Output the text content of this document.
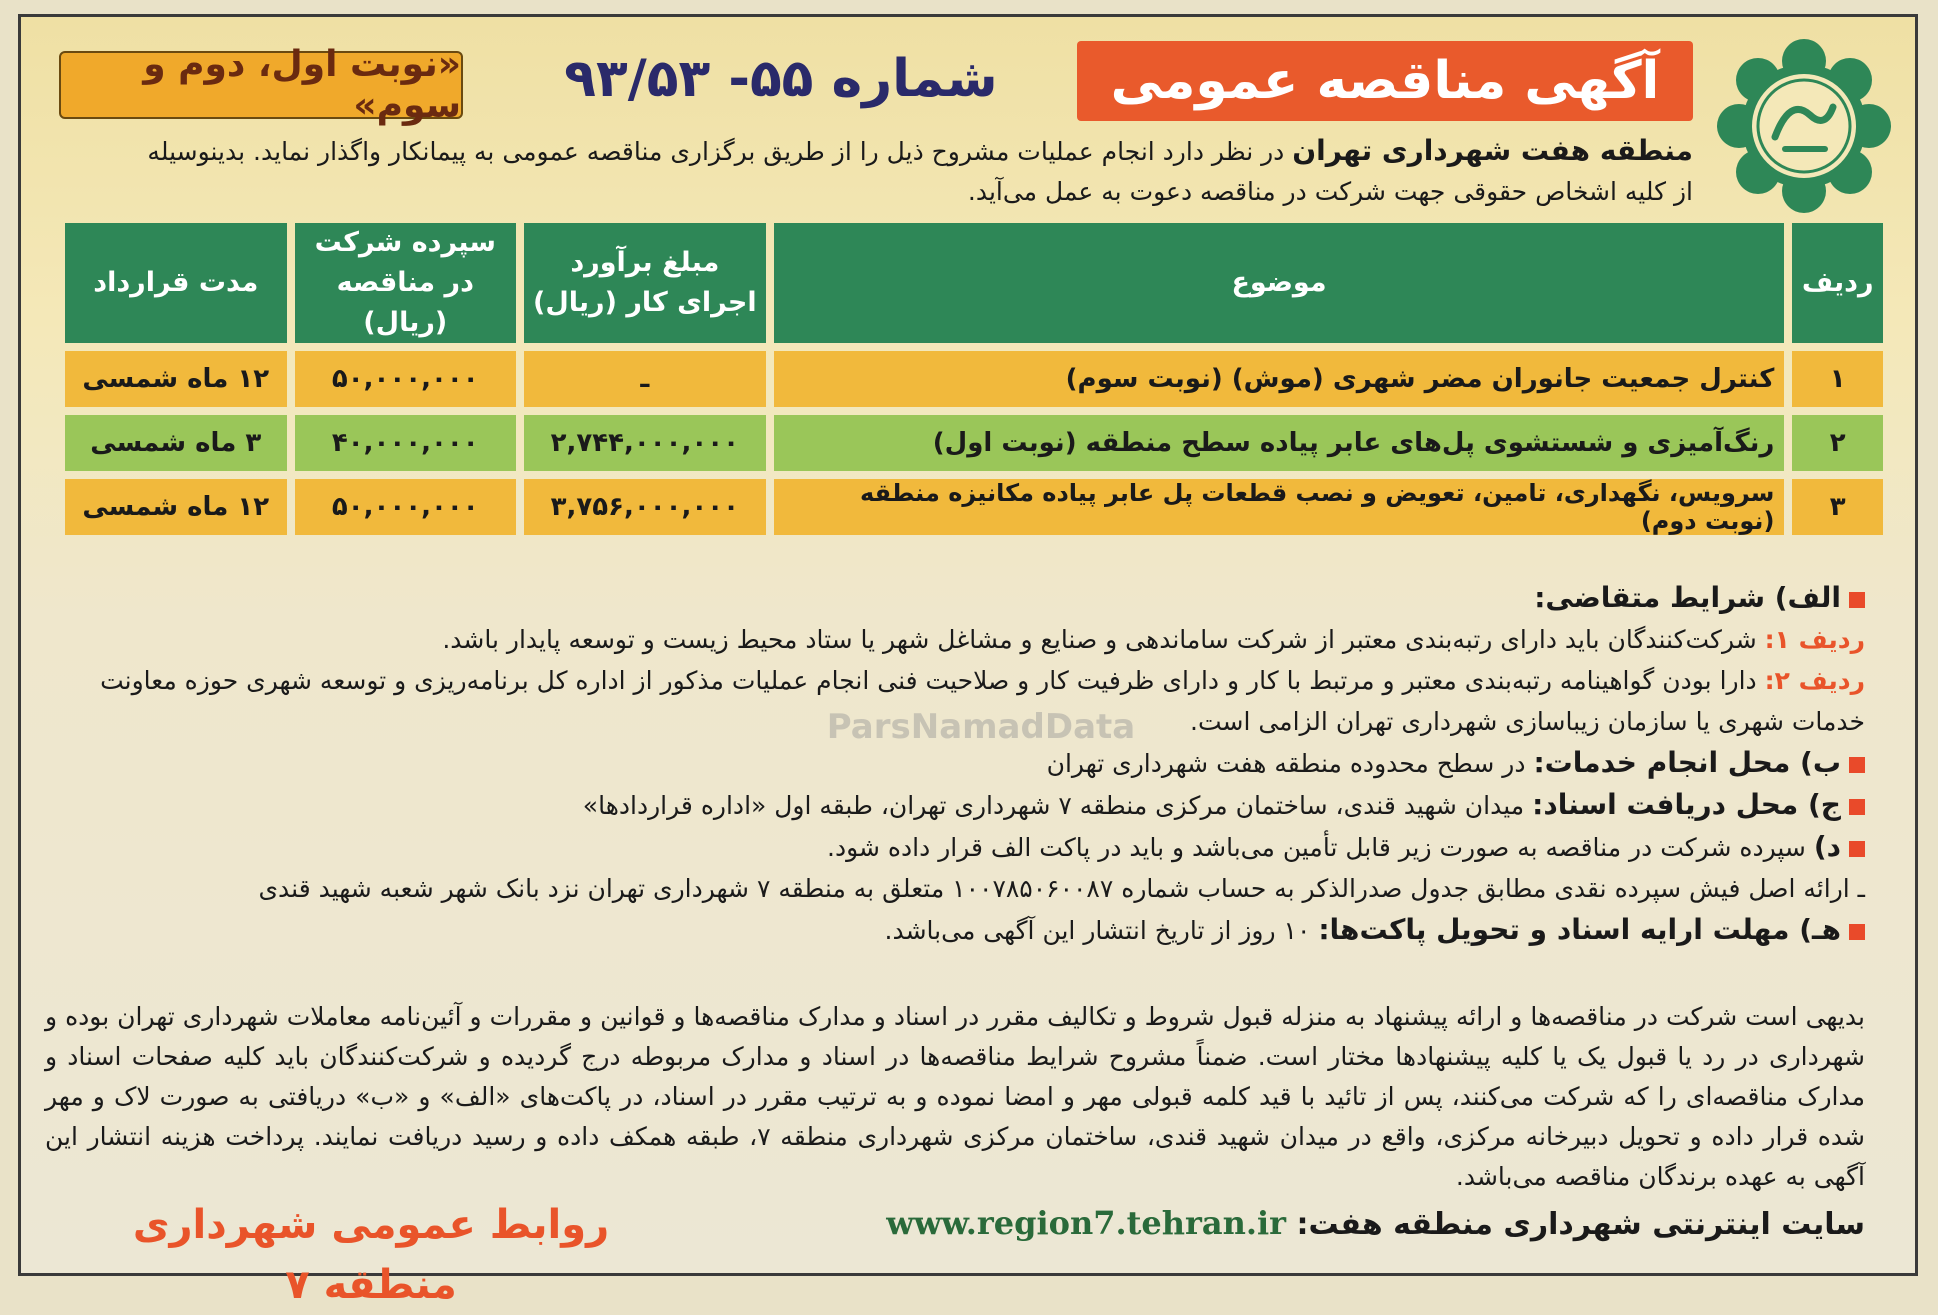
آگهی مناقصه عمومی
شماره ۵۵- ۹۳/۵۳
«نوبت اول، دوم و سوم»
منطقه هفت شهرداری تهران در نظر دارد انجام عملیات مشروح ذیل را از طریق برگزاری مناقصه عمومی به پیمانکار واگذار نماید. بدینوسیله
از کلیه اشخاص حقوقی جهت شرکت در مناقصه دعوت به عمل می‌آید.
ردیف	موضوع	مبلغ برآورد اجرای کار (ریال)	سپرده شرکت در مناقصه (ریال)	مدت قرارداد
۱	کنترل جمعیت جانوران مضر شهری (موش) (نوبت سوم)	ـ	۵۰,۰۰۰,۰۰۰	۱۲ ماه شمسی
۲	رنگ‌آمیزی و شستشوی پل‌های عابر پیاده سطح منطقه (نوبت اول)	۲,۷۴۴,۰۰۰,۰۰۰	۴۰,۰۰۰,۰۰۰	۳ ماه شمسی
۳	سرویس، نگهداری، تامین، تعویض و نصب قطعات پل عابر پیاده مکانیزه منطقه (نوبت دوم)	۳,۷۵۶,۰۰۰,۰۰۰	۵۰,۰۰۰,۰۰۰	۱۲ ماه شمسی
ParsNamadData

الف) شرایط متقاضی:

ردیف ۱: شرکت‌کنندگان باید دارای رتبه‌بندی معتبر از شرکت ساماندهی و صنایع و مشاغل شهر یا ستاد محیط زیست و توسعه پایدار باشد.

ردیف ۲: دارا بودن گواهینامه رتبه‌بندی معتبر و مرتبط با کار و دارای ظرفیت کار و صلاحیت فنی انجام عملیات مذکور از اداره کل برنامه‌ریزی و توسعه شهری حوزه معاونت خدمات شهری یا سازمان زیباسازی شهرداری تهران الزامی است.

ب) محل انجام خدمات: در سطح محدوده منطقه هفت شهرداری تهران

ج) محل دریافت اسناد: میدان شهید قندی، ساختمان مرکزی منطقه ۷ شهرداری تهران، طبقه اول «اداره قراردادها»

د) سپرده شرکت در مناقصه به صورت زیر قابل تأمین می‌باشد و باید در پاکت الف قرار داده شود.

ـ ارائه اصل فیش سپرده نقدی مطابق جدول صدرالذکر به حساب شماره ۱۰۰۷۸۵۰۶۰۰۸۷ متعلق به منطقه ۷ شهرداری تهران نزد بانک شهر شعبه شهید قندی

هـ) مهلت ارایه اسناد و تحویل پاکت‌ها: ۱۰ روز از تاریخ انتشار این آگهی می‌باشد.

بدیهی است شرکت در مناقصه‌ها و ارائه پیشنهاد به منزله قبول شروط و تکالیف مقرر در اسناد و مدارک مناقصه‌ها و قوانین و مقررات و آئین‌نامه معاملات شهرداری تهران بوده و شهرداری در رد یا قبول یک یا کلیه پیشنهادها مختار است. ضمناً مشروح شرایط مناقصه‌ها در اسناد و مدارک مربوطه درج گردیده و شرکت‌کنندگان باید کلیه صفحات اسناد و مدارک مناقصه‌ای را که شرکت می‌کنند، پس از تائید با قید کلمه قبولی مهر و امضا نموده و به ترتیب مقرر در اسناد، در پاکت‌های «الف» و «ب» دریافتی به صورت لاک و مهر شده قرار داده و تحویل دبیرخانه مرکزی، واقع در میدان شهید قندی، ساختمان مرکزی شهرداری منطقه ۷، طبقه همکف داده و رسید دریافت نمایند. پرداخت هزینه انتشار این آگهی به عهده برندگان مناقصه می‌باشد.
سایت اینترنتی شهرداری منطقه هفت: www.region7.tehran.ir
روابط عمومی شهرداری منطقه ۷
